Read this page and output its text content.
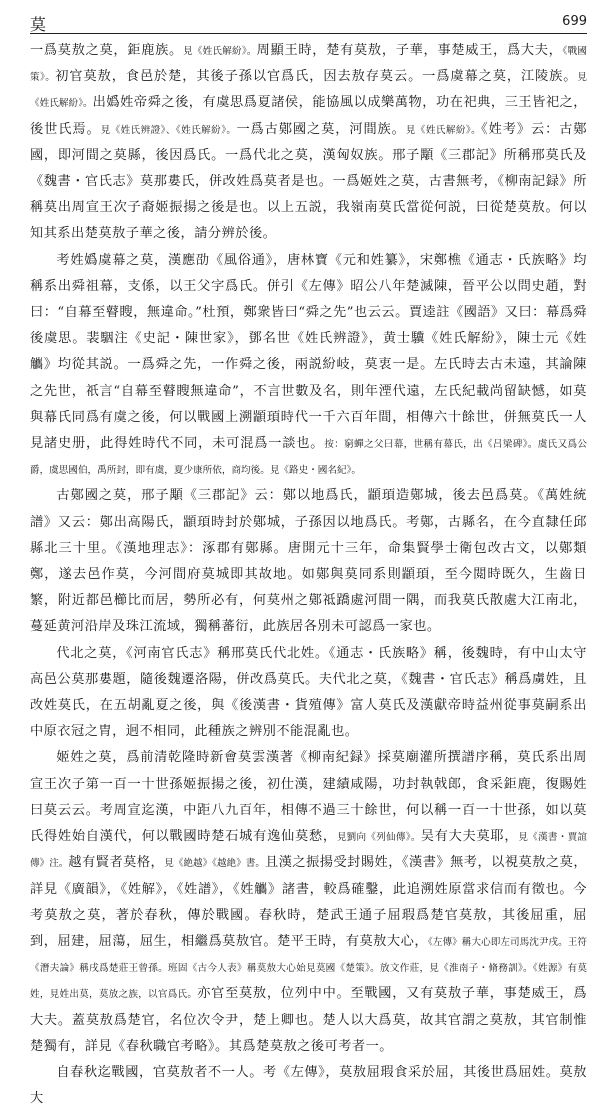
莫	699

一爲莫敖之莫，鉅鹿族。見《姓氏解紛》。周顯王時，楚有莫敖，子華，事楚威王，爲大夫，《戰國策》。初官莫敖，食邑於楚，其後子孫以官爲氏，因去敖存莫云。一爲虞幕之莫，江陵族。見《姓氏解紛》。出嬀姓帝舜之後，有虞思爲夏諸侯，能協風以成樂萬物，功在祀典，三王皆祀之，後世氏焉。見《姓氏辨證》、《姓氏解紛》。一爲古鄚國之莫，河間族。見《姓氏解紛》。《姓考》云：古鄚國，即河間之莫縣，後因爲氏。一爲代北之莫，漢匈奴族。邢子顒《三郡記》所稱邢莫氏及《魏書・官氏志》莫那婁氏，併改姓爲莫者是也。一爲姬姓之莫，古書無考，《柳南記録》所稱莫出周宣王次子裔姬振揚之後是也。以上五説，我嶺南莫氏當從何説，曰從楚莫敖。何以知其系出楚莫敖子華之後，請分辨於後。

考姓嬀虞幕之莫，漢應劭《風俗通》，唐林寶《元和姓纂》，宋鄭樵《通志・氏族略》均稱系出舜祖幕，支係，以王父字爲氏。併引《左傳》昭公八年楚滅陳，晉平公以問史趙，對曰：“自幕至瞽瞍，無違命。”杜預，鄭衆皆曰“舜之先”也云云。賈逵註《國語》又曰：幕爲舜後虞思。裴駰注《史記・陳世家》，鄧名世《姓氏辨證》，黄士驥《姓氏解紛》，陳士元《姓觿》均從其説。一爲舜之先，一作舜之後，兩説紛岐，莫衷一是。左氏時去古未遠，其論陳之先世，祇言“自幕至瞽瞍無違命”，不言世數及名，則年湮代遠，左氏紀載尚留缺憾，如莫與幕氏同爲有虞之後，何以戰國上溯顓頊時代一千六百年間，相傳六十餘世，併無莫氏一人見諸史册，此得姓時代不同，未可混爲一談也。按：窮蟬之父曰幕，世稱有幕氏，出《吕梁碑》。虞氏又爲公爵，虞思國伯，禹所封，即有虞，夏少康所依，商均後。見《路史・國名紀》。

古鄚國之莫，邢子顒《三郡記》云：鄚以地爲氏，顓頊造鄚城，後去邑爲莫。《萬姓統譜》又云：鄚出高陽氏，顓頊時封於鄚城，子孫因以地爲氏。考鄚，古縣名，在今直隸任邱縣北三十里。《漢地理志》：涿郡有鄚縣。唐開元十三年，命集賢學士衛包改古文，以鄚類鄭，遂去邑作莫，今河間府莫城即其故地。如鄚與莫同系則顓頊，至今閲時既久，生齒日繁，附近都邑櫛比而居，勢所必有，何莫州之鄚祗蹻處河間一隅，而我莫氏散處大江南北，蔓延黄河沿岸及珠江流域，獨稱蕃衍，此族居各別未可認爲一家也。

代北之莫，《河南官氏志》稱邢莫氏代北姓。《通志・氏族略》稱，後魏時，有中山太守高邑公莫那婁題，隨後魏遷洛陽，併改爲莫氏。夫代北之莫，《魏書・官氏志》稱爲虜姓，且改姓莫氏，在五胡亂夏之後，與《後漢書・貨殖傳》富人莫氏及漢獻帝時益州從事莫嗣系出中原衣冠之胄，迥不相同，此種族之辨別不能混亂也。

姬姓之莫，爲前清乾隆時新會莫雲漢著《柳南紀録》採莫廟灌所撰譜序稱，莫氏系出周宣王次子第一百一十世孫姬振揚之後，初仕漢，建績咸陽，功封執戟郎，食采鉅鹿，復賜姓曰莫云云。考周宣迄漢，中距八九百年，相傳不過三十餘世，何以稱一百一十世孫，如以莫氏得姓始自漢代，何以戰國時楚石城有逸仙莫愁，見劉向《列仙傳》。吴有大夫莫耶，見《漢書・賈誼傳》注。越有賢者莫格，見《絶越》《越絶》書。且漢之振揚受封賜姓，《漢書》無考，以視莫敖之莫，詳見《廣韻》，《姓解》，《姓譜》，《姓觿》諸書，較爲確鑿，此追溯姓原當求信而有徵也。今考莫敖之莫，著於春秋，傳於戰國。春秋時，楚武王通子屈瑕爲楚官莫敖，其後屈重，屈到，屈建，屈蕩，屈生，相繼爲莫敖官。楚平王時，有莫敖大心，《左傳》稱大心即左司馬沈尹戌。王符《潛夫論》稱戌爲楚莊王曾孫。班固《古今人表》稱莫敖大心始見莫國《楚策》。放文作莊，見《淮南子・脩務訓》。《姓源》有莫姓，見姓出莫，莫放之族，以官爲氏。亦官至莫敖，位列中中。至戰國，又有莫敖子華，事楚威王，爲大夫。蓋莫敖爲楚官，名位次令尹，楚上卿也。楚人以大爲莫，故其官謂之莫敖，其官制惟楚獨有，詳見《春秋職官考略》。其爲楚莫敖之後可考者一。

自春秋迄戰國，官莫敖者不一人。考《左傳》，莫敖屈瑕食采於屈，其後世爲屈姓。莫敖大
